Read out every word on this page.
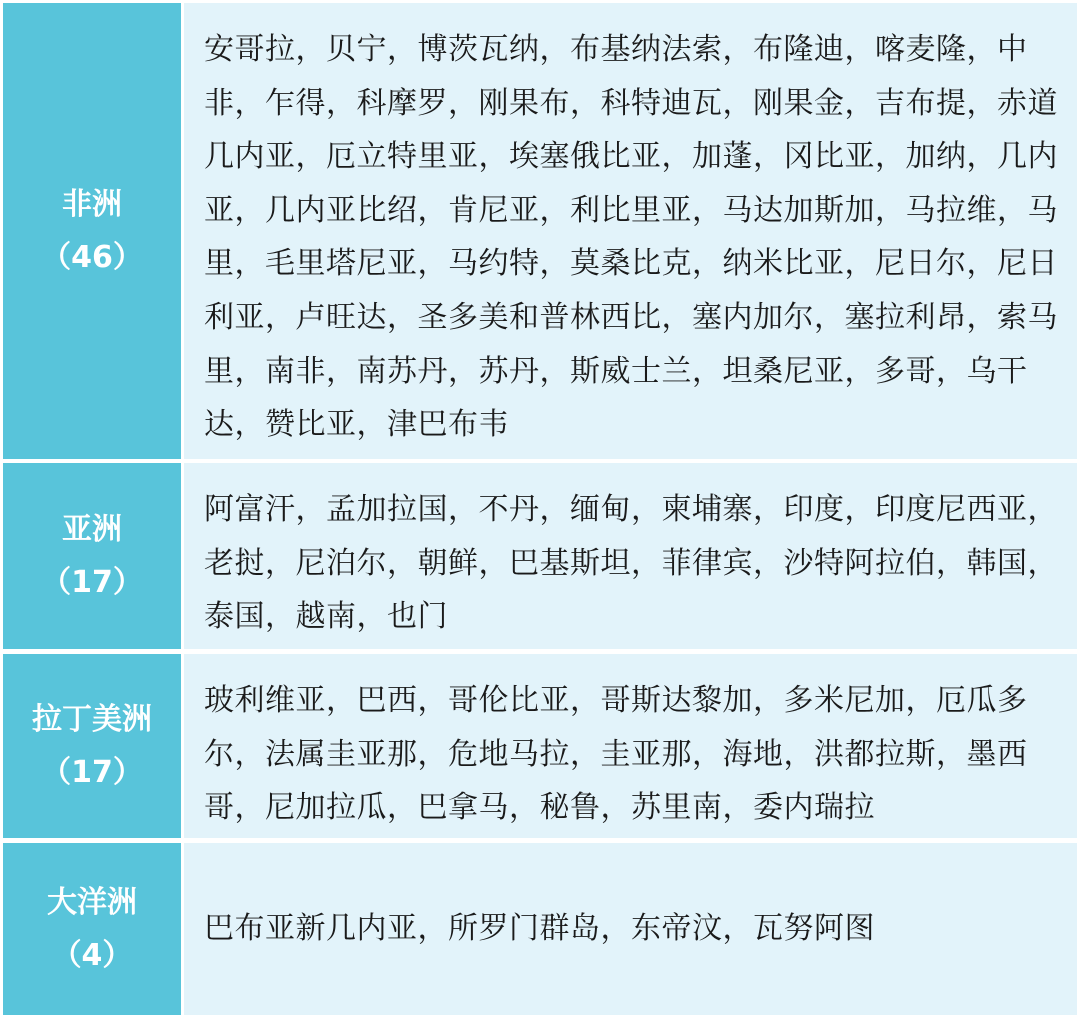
非洲
（46）
安哥拉，贝宁，博茨瓦纳，布基纳法索，布隆迪，喀麦隆，中非，乍得，科摩罗，刚果布，科特迪瓦，刚果金，吉布提，赤道几内亚，厄立特里亚，埃塞俄比亚，加蓬，冈比亚，加纳，几内亚，几内亚比绍，肯尼亚，利比里亚，马达加斯加，马拉维，马里，毛里塔尼亚，马约特，莫桑比克，纳米比亚，尼日尔，尼日利亚，卢旺达，圣多美和普林西比，塞内加尔，塞拉利昂，索马里，南非，南苏丹，苏丹，斯威士兰，坦桑尼亚，多哥，乌干达，赞比亚，津巴布韦
亚洲
（17）
阿富汗，孟加拉国，不丹，缅甸，柬埔寨，印度，印度尼西亚，老挝，尼泊尔，朝鲜，巴基斯坦，菲律宾，沙特阿拉伯，韩国，泰国，越南，也门
拉丁美洲
（17）
玻利维亚，巴西，哥伦比亚，哥斯达黎加，多米尼加，厄瓜多尔，法属圭亚那，危地马拉，圭亚那，海地，洪都拉斯，墨西哥，尼加拉瓜，巴拿马，秘鲁，苏里南，委内瑞拉
大洋洲
（4）
巴布亚新几内亚，所罗门群岛，东帝汶，瓦努阿图
